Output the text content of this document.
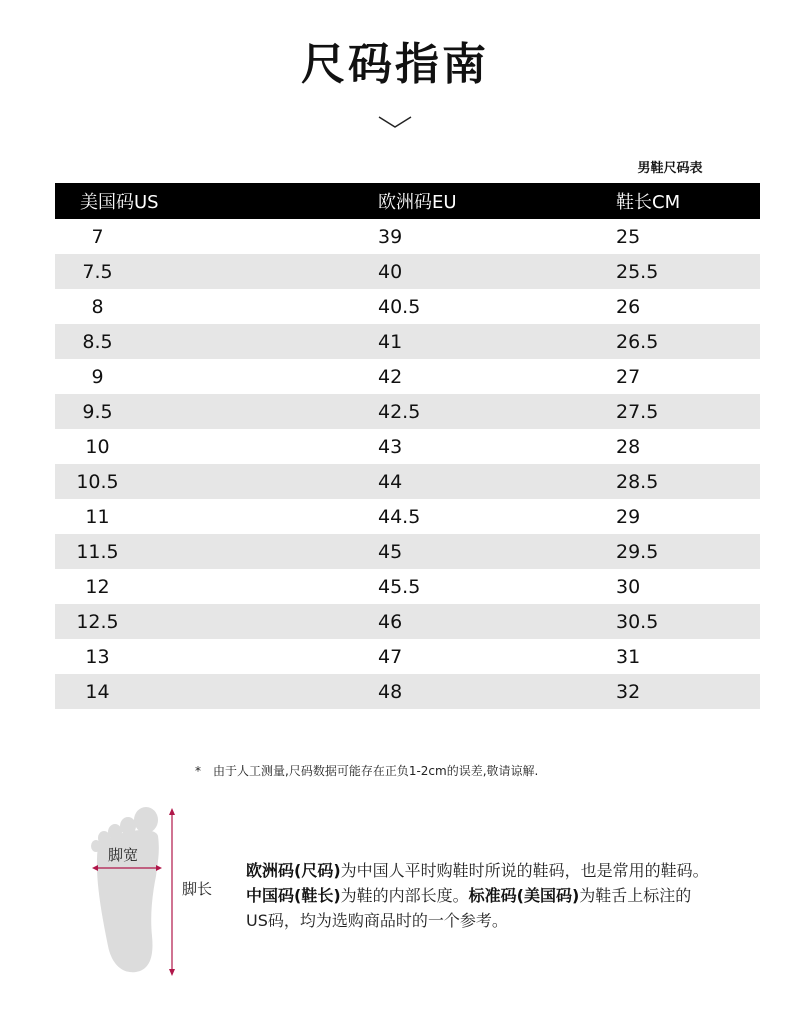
尺码指南
男鞋尺码表
美国码US	欧洲码EU	鞋长CM
7	39	25
7.5	40	25.5
8	40.5	26
8.5	41	26.5
9	42	27
9.5	42.5	27.5
10	43	28
10.5	44	28.5
11	44.5	29
11.5	45	29.5
12	45.5	30
12.5	46	30.5
13	47	31
14	48	32
* 由于人工测量,尺码数据可能存在正负1-2cm的误差,敬请谅解.
脚宽
脚长
欧洲码(尺码)为中国人平时购鞋时所说的鞋码，也是常用的鞋码。
中国码(鞋长)为鞋的内部长度。标准码(美国码)为鞋舌上标注的
US码，均为选购商品时的一个参考。
